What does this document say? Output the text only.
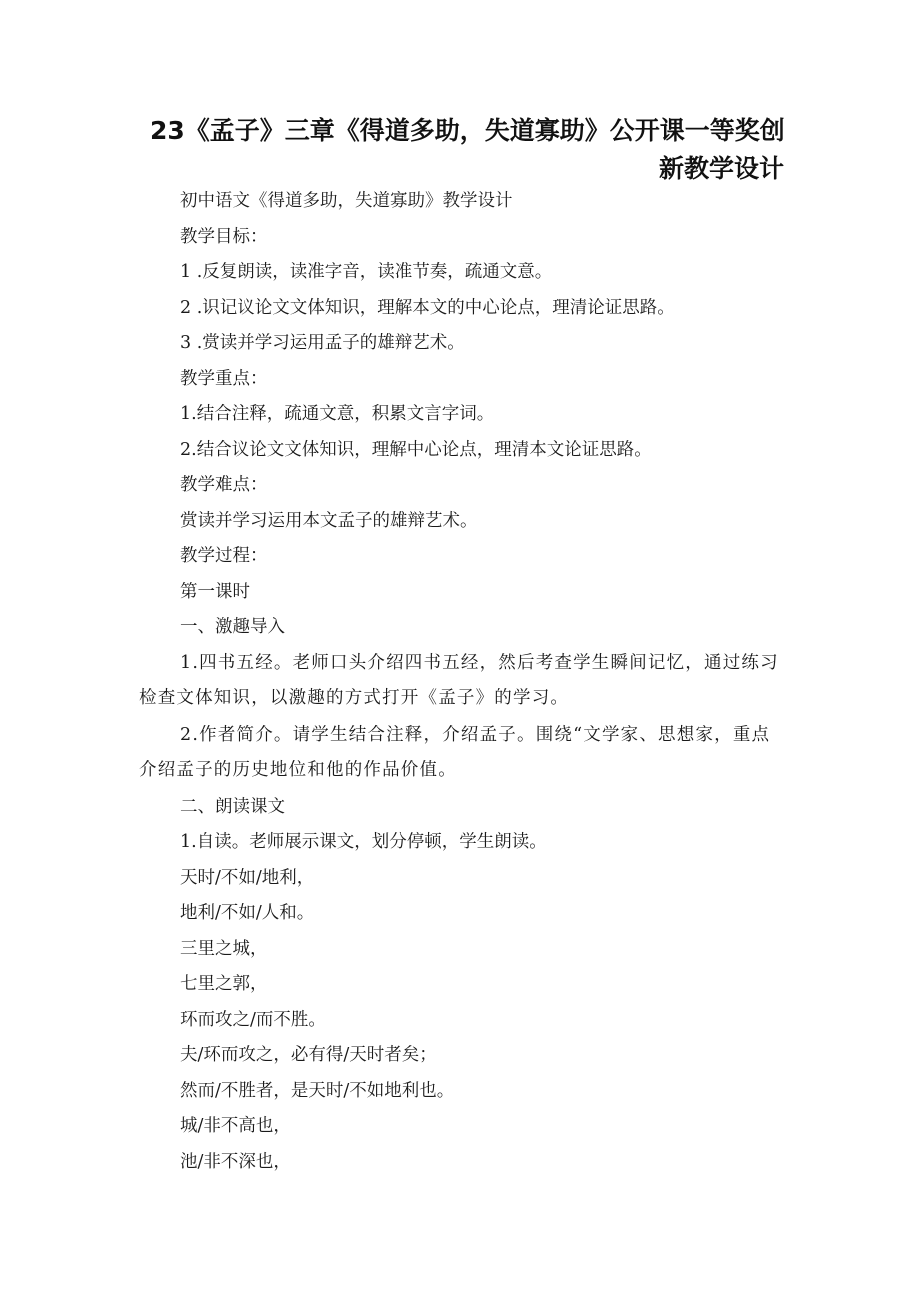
23《孟子》三章《得道多助，失道寡助》公开课一等奖创
新教学设计

初中语文《得道多助，失道寡助》教学设计

教学目标：

1 .反复朗读，读准字音，读准节奏，疏通文意。

2 .识记议论文文体知识，理解本文的中心论点，理清论证思路。

3 .赏读并学习运用孟子的雄辩艺术。

教学重点：

1.结合注释，疏通文意，积累文言字词。

2.结合议论文文体知识，理解中心论点，理清本文论证思路。

教学难点：

赏读并学习运用本文孟子的雄辩艺术。

教学过程：

第一课时

一、激趣导入

1.四书五经。老师口头介绍四书五经，然后考查学生瞬间记忆，通过练习检查文体知识，以激趣的方式打开《孟子》的学习。

2.作者简介。请学生结合注释，介绍孟子。围绕“文学家、思想家，重点介绍孟子的历史地位和他的作品价值。

二、朗读课文

1.自读。老师展示课文，划分停顿，学生朗读。

天时/不如/地利，

地利/不如/人和。

三里之城，

七里之郭，

环而攻之/而不胜。

夫/环而攻之，必有得/天时者矣；

然而/不胜者，是天时/不如地利也。

城/非不高也，

池/非不深也，
